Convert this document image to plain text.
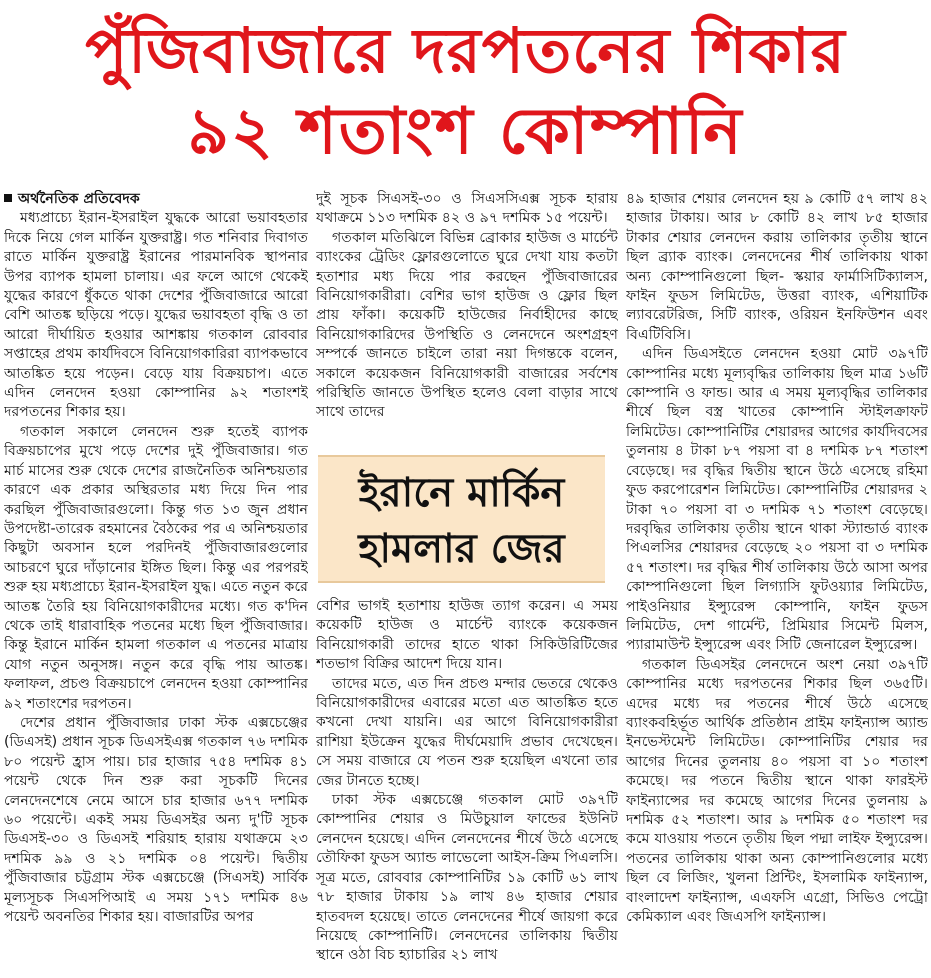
পুঁজিবাজারে দরপতনের শিকার
৯২ শতাংশ কোম্পানি

অর্থনৈতিক প্রতিবেদক

মধ্যপ্রাচ্যে ইরান-ইসরাইল যুদ্ধকে আরো ভয়াবহতার দিকে নিয়ে গেল মার্কিন যুক্তরাষ্ট্র। গত শনিবার দিবাগত রাতে মার্কিন যুক্তরাষ্ট্র ইরানের পারমানবিক স্থাপনার উপর ব্যাপক হামলা চালায়। এর ফলে আগে থেকেই যুদ্ধের কারণে ধুঁকতে থাকা দেশের পুঁজিবাজারে আরো বেশি আতঙ্ক ছড়িয়ে পড়ে। যুদ্ধের ভয়াবহতা বৃদ্ধি ও তা আরো দীর্ঘায়িত হওয়ার আশঙ্কায় গতকাল রোববার সপ্তাহের প্রথম কার্যদিবসে বিনিয়োগকারিরা ব্যাপকভাবে আতঙ্কিত হয়ে পড়েন। বেড়ে যায় বিক্রয়চাপ। এতে এদিন লেনদেন হওয়া কোম্পানির ৯২ শতাংশই দরপতনের শিকার হয়।

গতকাল সকালে লেনদেন শুরু হতেই ব্যাপক বিক্রয়চাপের মুখে পড়ে দেশের দুই পুঁজিবাজার। গত মার্চ মাসের শুরু থেকে দেশের রাজনৈতিক অনিশ্চয়তার কারণে এক প্রকার অস্থিরতার মধ্য দিয়ে দিন পার করছিল পুঁজিবাজারগুলো। কিন্তু গত ১৩ জুন প্রধান উপদেষ্টা-তারেক রহমানের বৈঠকের পর এ অনিশ্চয়তার কিছুটা অবসান হলে পরদিনই পুঁজিবাজারগুলোর আচরণে ঘুরে দাঁড়ানোর ইঙ্গিত ছিল। কিন্তু এর পরপরই শুরু হয় মধ্যপ্রাচ্যে ইরান-ইসরাইল যুদ্ধ। এতে নতুন করে আতঙ্ক তৈরি হয় বিনিয়োগকারীদের মধ্যে। গত ক'দিন থেকে তাই ধারাবাহিক পতনের মধ্যে ছিল পুঁজিবাজার। কিন্তু ইরানে মার্কিন হামলা গতকাল এ পতনের মাত্রায় যোগ নতুন অনুসঙ্গ। নতুন করে বৃদ্ধি পায় আতঙ্ক। ফলাফল, প্রচণ্ড বিক্রয়চাপে লেনদেন হওয়া কোম্পানির ৯২ শতাংশের দরপতন।

দেশের প্রধান পুঁজিবাজার ঢাকা স্টক এক্সচেঞ্জের (ডিএসই) প্রধান সূচক ডিএসইএক্স গতকাল ৭৬ দশমিক ৮০ পয়েন্ট হ্রাস পায়। চার হাজার ৭৫৪ দশমিক ৪১ পয়েন্ট থেকে দিন শুরু করা সূচকটি দিনের লেনদেনশেষে নেমে আসে চার হাজার ৬৭৭ দশমিক ৬০ পয়েন্টে। একই সময় ডিএসইর অন্য দু'টি সূচক ডিএসই-৩০ ও ডিএসই শরিয়াহ হারায় যথাক্রমে ২৩ দশমিক ৯৯ ও ২১ দশমিক ০৪ পয়েন্ট। দ্বিতীয় পুঁজিবাজার চট্টগ্রাম স্টক এক্সচেঞ্জে (সিএসই) সার্বিক মূল্যসূচক সিএসপিআই এ সময় ১৭১ দশমিক ৪৬ পয়েন্ট অবনতির শিকার হয়। বাজারটির অপর

দুই সূচক সিএসই-৩০ ও সিএসসিএক্স সূচক হারায় যথাক্রমে ১১৩ দশমিক ৪২ ও ৯৭ দশমিক ১৫ পয়েন্ট।

গতকাল মতিঝিলে বিভিন্ন ব্রোকার হাউজ ও মার্চেন্ট ব্যাংকের ট্রেডিং ফ্লোরগুলোতে ঘুরে দেখা যায় কতটা হতাশার মধ্য দিয়ে পার করছেন পুঁজিবাজারের বিনিয়োগকারীরা। বেশির ভাগ হাউজ ও ফ্লোর ছিল প্রায় ফাঁকা। কয়েকটি হাউজের নির্বাহীদের কাছে বিনিয়োগকারিদের উপস্থিতি ও লেনদেনে অংশগ্রহণ সম্পর্কে জানতে চাইলে তারা নয়া দিগন্তকে বলেন, সকালে কয়েকজন বিনিয়োগকারী বাজারের সর্বশেষ পরিস্থিতি জানতে উপস্থিত হলেও বেলা বাড়ার সাথে সাথে তাদের

ইরানে মার্কিন
হামলার জের

বেশির ভাগই হতাশায় হাউজ ত্যাগ করেন। এ সময় কয়েকটি হাউজ ও মার্চেন্ট ব্যাংকে কয়েকজন বিনিয়োগকারী তাদের হাতে থাকা সিকিউরিটিজের শতভাগ বিক্রির আদেশ দিয়ে যান।

তাদের মতে, এত দিন প্রচণ্ড মন্দার ভেতরে থেকেও বিনিয়োগকারীদের এবারের মতো এত আতঙ্কিত হতে কখনো দেখা যায়নি। এর আগে বিনিয়োগকারীরা রাশিয়া ইউক্রেন যুদ্ধের দীর্ঘমেয়াদি প্রভাব দেখেছেন। সে সময় বাজারে যে পতন শুরু হয়েছিল এখনো তার জের টানতে হচ্ছে।

ঢাকা স্টক এক্সচেঞ্জে গতকাল মোট ৩৯৭টি কোম্পানির শেয়ার ও মিউচুয়াল ফান্ডের ইউনিট লেনদেন হয়েছে। এদিন লেনদেনের শীর্ষে উঠে এসেছে তৌফিকা ফুডস অ্যান্ড লাভেলো আইস-ক্রিম পিএলসি। সূত্র মতে, রোববার কোম্পানিটির ১৯ কোটি ৬১ লাখ ৭৮ হাজার টাকায় ১৯ লাখ ৪৬ হাজার শেয়ার হাতবদল হয়েছে। তাতে লেনদেনের শীর্ষে জায়গা করে নিয়েছে কোম্পানিটি। লেনদেনের তালিকায় দ্বিতীয় স্থানে ওঠা বিচ হ্যাচারির ২১ লাখ

৪৯ হাজার শেয়ার লেনদেন হয় ৯ কোটি ৫৭ লাখ ৪২ হাজার টাকায়। আর ৮ কোটি ৪২ লাখ ৮৫ হাজার টাকার শেয়ার লেনদেন করায় তালিকার তৃতীয় স্থানে ছিল ব্র্যাক ব্যাংক। লেনদেনের শীর্ষ তালিকায় থাকা অন্য কোম্পানিগুলো ছিল- স্কয়ার ফার্মাসিটিক্যালস, ফাইন ফুডস লিমিটেড, উত্তরা ব্যাংক, এশিয়াটিক ল্যাবরেটরিজ, সিটি ব্যাংক, ওরিয়ন ইনফিউশন এবং বিএটিবিসি।

এদিন ডিএসইতে লেনদেন হওয়া মোট ৩৯৭টি কোম্পানির মধ্যে মূল্যবৃদ্ধির তালিকায় ছিল মাত্র ১৬টি কোম্পানি ও ফান্ড। আর এ সময় মূল্যবৃদ্ধির তালিকার শীর্ষে ছিল বস্ত্র খাতের কোম্পানি স্টাইলক্রাফট লিমিটেড। কোম্পানিটির শেয়ারদর আগের কার্যদিবসের তুলনায় ৪ টাকা ৮৭ পয়সা বা ৪ দশমিক ৮৭ শতাংশ বেড়েছে। দর বৃদ্ধির দ্বিতীয় স্থানে উঠে এসেছে রহিমা ফুড করপোরেশন লিমিটেড। কোম্পানিটির শেয়ারদর ২ টাকা ৭০ পয়সা বা ৩ দশমিক ৭১ শতাংশ বেড়েছে। দরবৃদ্ধির তালিকায় তৃতীয় স্থানে থাকা স্ট্যান্ডার্ড ব্যাংক পিএলসির শেয়ারদর বেড়েছে ২০ পয়সা বা ৩ দশমিক ৫৭ শতাংশ। দর বৃদ্ধির শীর্ষ তালিকায় উঠে আসা অপর কোম্পানিগুলো ছিল লিগ্যাসি ফুটওয়্যার লিমিটেড, পাইওনিয়ার ইন্স্যুরেন্স কোম্পানি, ফাইন ফুডস লিমিটেড, দেশ গার্মেন্ট, প্রিমিয়ার সিমেন্ট মিলস, প্যারামাউন্ট ইন্স্যুরেন্স এবং সিটি জেনারেল ইন্স্যুরেন্স।

গতকাল ডিএসইর লেনদেনে অংশ নেয়া ৩৯৭টি কোম্পানির মধ্যে দরপতনের শিকার ছিল ৩৬৫টি। এদের মধ্যে দর পতনের শীর্ষে উঠে এসেছে ব্যাংকবহির্ভূত আর্থিক প্রতিষ্ঠান প্রাইম ফাইন্যান্স অ্যান্ড ইনভেস্টমেন্ট লিমিটেড। কোম্পানিটির শেয়ার দর আগের দিনের তুলনায় ৪০ পয়সা বা ১০ শতাংশ কমেছে। দর পতনে দ্বিতীয় স্থানে থাকা ফারইস্ট ফাইন্যান্সের দর কমেছে আগের দিনের তুলনায় ৯ দশমিক ৫২ শতাংশ। আর ৯ দশমিক ৫০ শতাংশ দর কমে যাওয়ায় পতনে তৃতীয় ছিল পদ্মা লাইফ ইন্স্যুরেন্স। পতনের তালিকায় থাকা অন্য কোম্পানিগুলোর মধ্যে ছিল বে লিজিং, খুলনা প্রিন্টিং, ইসলামিক ফাইন্যান্স, বাংলাদেশ ফাইন্যান্স, এএফসি এগ্রো, সিভিও পেট্রো কেমিক্যাল এবং জিএসপি ফাইন্যান্স।
